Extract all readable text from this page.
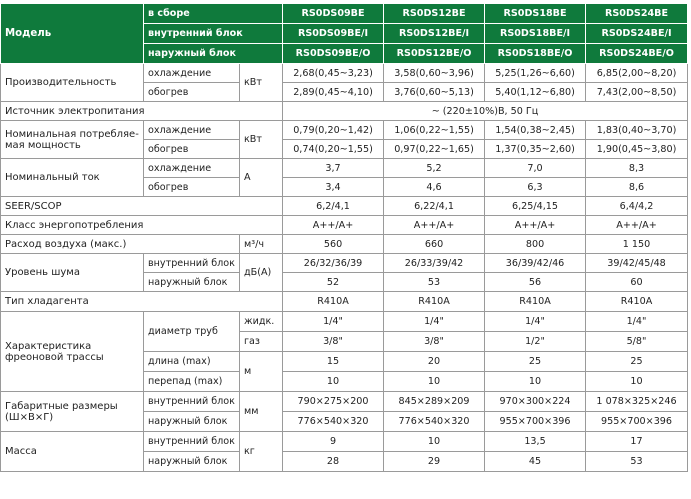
Модель	в сборе		RS0DS09BE	RS0DS12BE	RS0DS18BE	RS0DS24BE
	внутренний блок		RS0DS09BE/I	RS0DS12BE/I	RS0DS18BE/I	RS0DS24BE/I
	наружный блок		RS0DS09BE/O	RS0DS12BE/O	RS0DS18BE/O	RS0DS24BE/O
Производительность	охлаждение	кВт	2,68(0,45~3,23)	3,58(0,60~3,96)	5,25(1,26~6,60)	6,85(2,00~8,20)
	обогрев		2,89(0,45~4,10)	3,76(0,60~5,13)	5,40(1,12~6,80)	7,43(2,00~8,50)
Источник электропитания			~ (220±10%)В, 50 Гц			
Номинальная потребляе-
мая мощность	охлаждение	кВт	0,79(0,20~1,42)	1,06(0,22~1,55)	1,54(0,38~2,45)	1,83(0,40~3,70)
	обогрев		0,74(0,20~1,55)	0,97(0,22~1,65)	1,37(0,35~2,60)	1,90(0,45~3,80)
Номинальный ток	охлаждение	А	3,7	5,2	7,0	8,3
	обогрев		3,4	4,6	6,3	8,6
SEER/SCOP			6,2/4,1	6,22/4,1	6,25/4,15	6,4/4,2
Класс энергопотребления			A++/A+	A++/A+	A++/A+	A++/A+
Расход воздуха (макс.)		м³/ч	560	660	800	1 150
Уровень шума	внутренний блок	дБ(А)	26/32/36/39	26/33/39/42	36/39/42/46	39/42/45/48
	наружный блок		52	53	56	60
Тип хладагента			R410A	R410A	R410A	R410A
Характеристика
фреоновой трассы	диаметр труб	жидк.	1/4"	1/4"	1/4"	1/4"
		газ	3/8"	3/8"	1/2"	5/8"
	длина (max)	м	15	20	25	25
	перепад (max)		10	10	10	10
Габаритные размеры
(Ш×В×Г)	внутренний блок	мм	790×275×200	845×289×209	970×300×224	1 078×325×246
	наружный блок		776×540×320	776×540×320	955×700×396	955×700×396
Масса	внутренний блок	кг	9	10	13,5	17
	наружный блок		28	29	45	53
